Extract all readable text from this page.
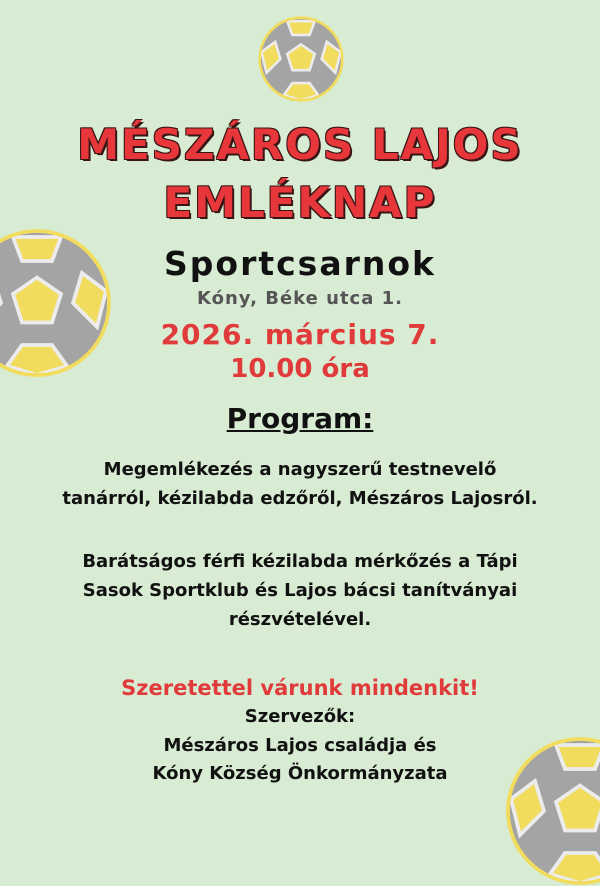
MÉSZÁROS LAJOS
EMLÉKNAP
Sportcsarnok
Kóny, Béke utca 1.
2026. március 7.
10.00 óra
Program:
Megemlékezés a nagyszerű testnevelő tanárról, kézilabda edzőről, Mészáros Lajosról.
Barátságos férfi kézilabda mérkőzés a Tápi Sasok Sportklub és Lajos bácsi tanítványai részvételével.
Szeretettel várunk mindenkit!
Szervezők:
Mészáros Lajos családja és
Kóny Község Önkormányzata
